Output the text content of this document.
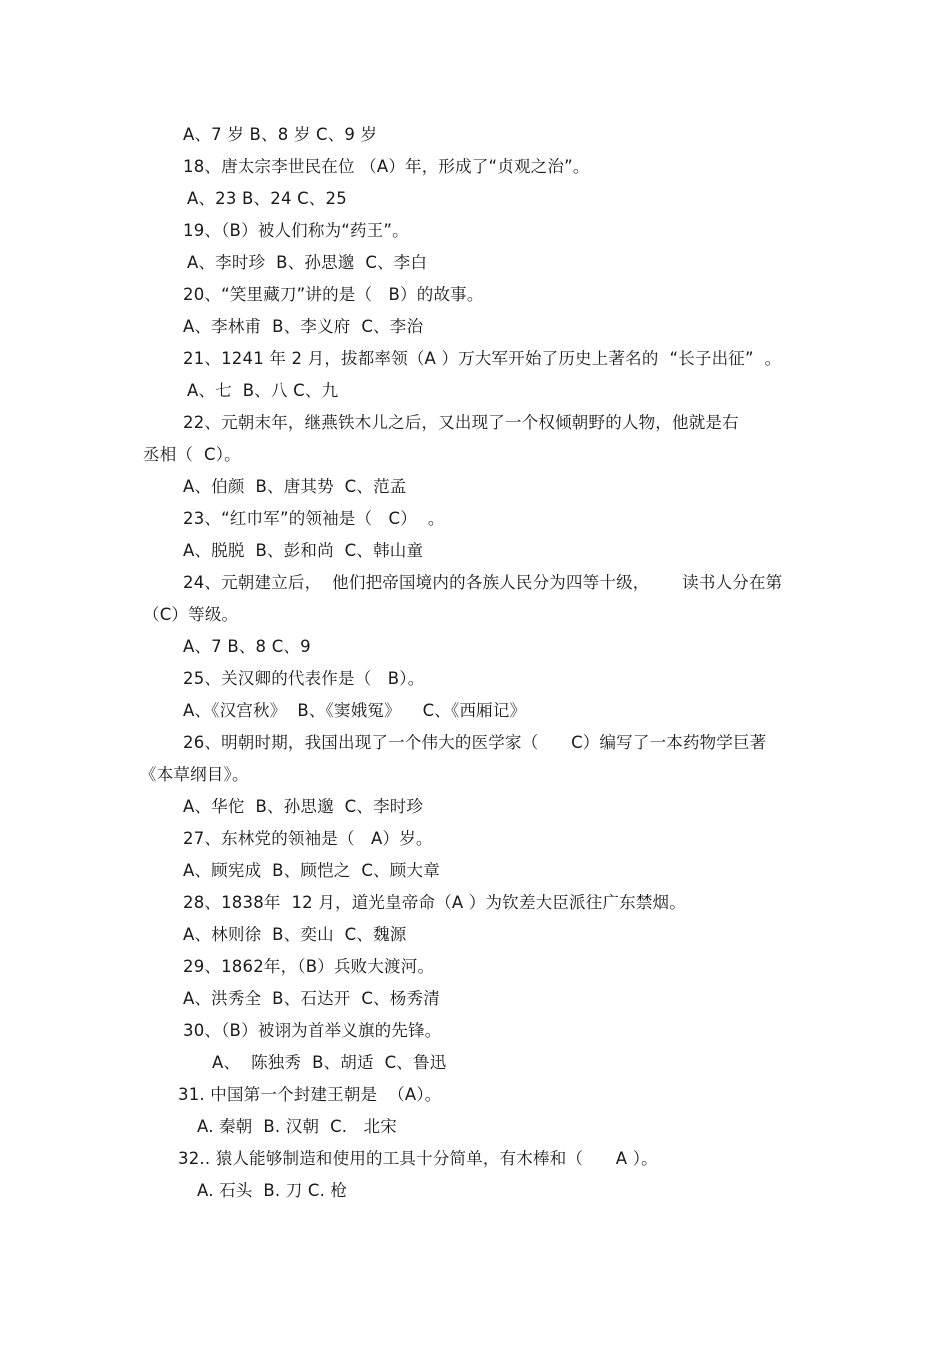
A、7 岁 B、8 岁 C、9 岁
18、唐太宗李世民在位 （A）年，形成了“贞观之治”。
A、23 B、24 C、25
19、（B）被人们称为“药王”。
A、李时珍  B、孙思邈  C、李白
20、“笑里藏刀”讲的是（   B）的故事。
A、李林甫  B、李义府  C、李治
21、1241 年 2 月，拔都率领（A ）万大军开始了历史上著名的  “长子出征”  。
A、七  B、八 C、九
22、元朝末年，继燕铁木儿之后，又出现了一个权倾朝野的人物，他就是右
丞相（  C）。
A、伯颜  B、唐其势  C、范孟
23、“红巾军”的领袖是（   C）  。
A、脱脱  B、彭和尚  C、韩山童
24、元朝建立后，  他们把帝国境内的各族人民分为四等十级，      读书人分在第
（C）等级。
A、7 B、8 C、9
25、关汉卿的代表作是（   B）。
A、《汉宫秋》  B、《窦娥冤》    C、《西厢记》
26、明朝时期，我国出现了一个伟大的医学家（      C）编写了一本药物学巨著
《本草纲目》。
A、华佗  B、孙思邈  C、李时珍
27、东林党的领袖是（   A）岁。
A、顾宪成  B、顾恺之  C、顾大章
28、1838年  12 月，道光皇帝命（A ）为钦差大臣派往广东禁烟。
A、林则徐  B、奕山  C、魏源
29、1862年，（B）兵败大渡河。
A、洪秀全  B、石达开  C、杨秀清
30、（B）被诩为首举义旗的先锋。
A、  陈独秀  B、胡适  C、鲁迅
31. 中国第一个封建王朝是  （A）。
A. 秦朝  B. 汉朝  C.   北宋
32.. 猿人能够制造和使用的工具十分简单，有木棒和（      A ）。
A. 石头  B. 刀 C. 枪
